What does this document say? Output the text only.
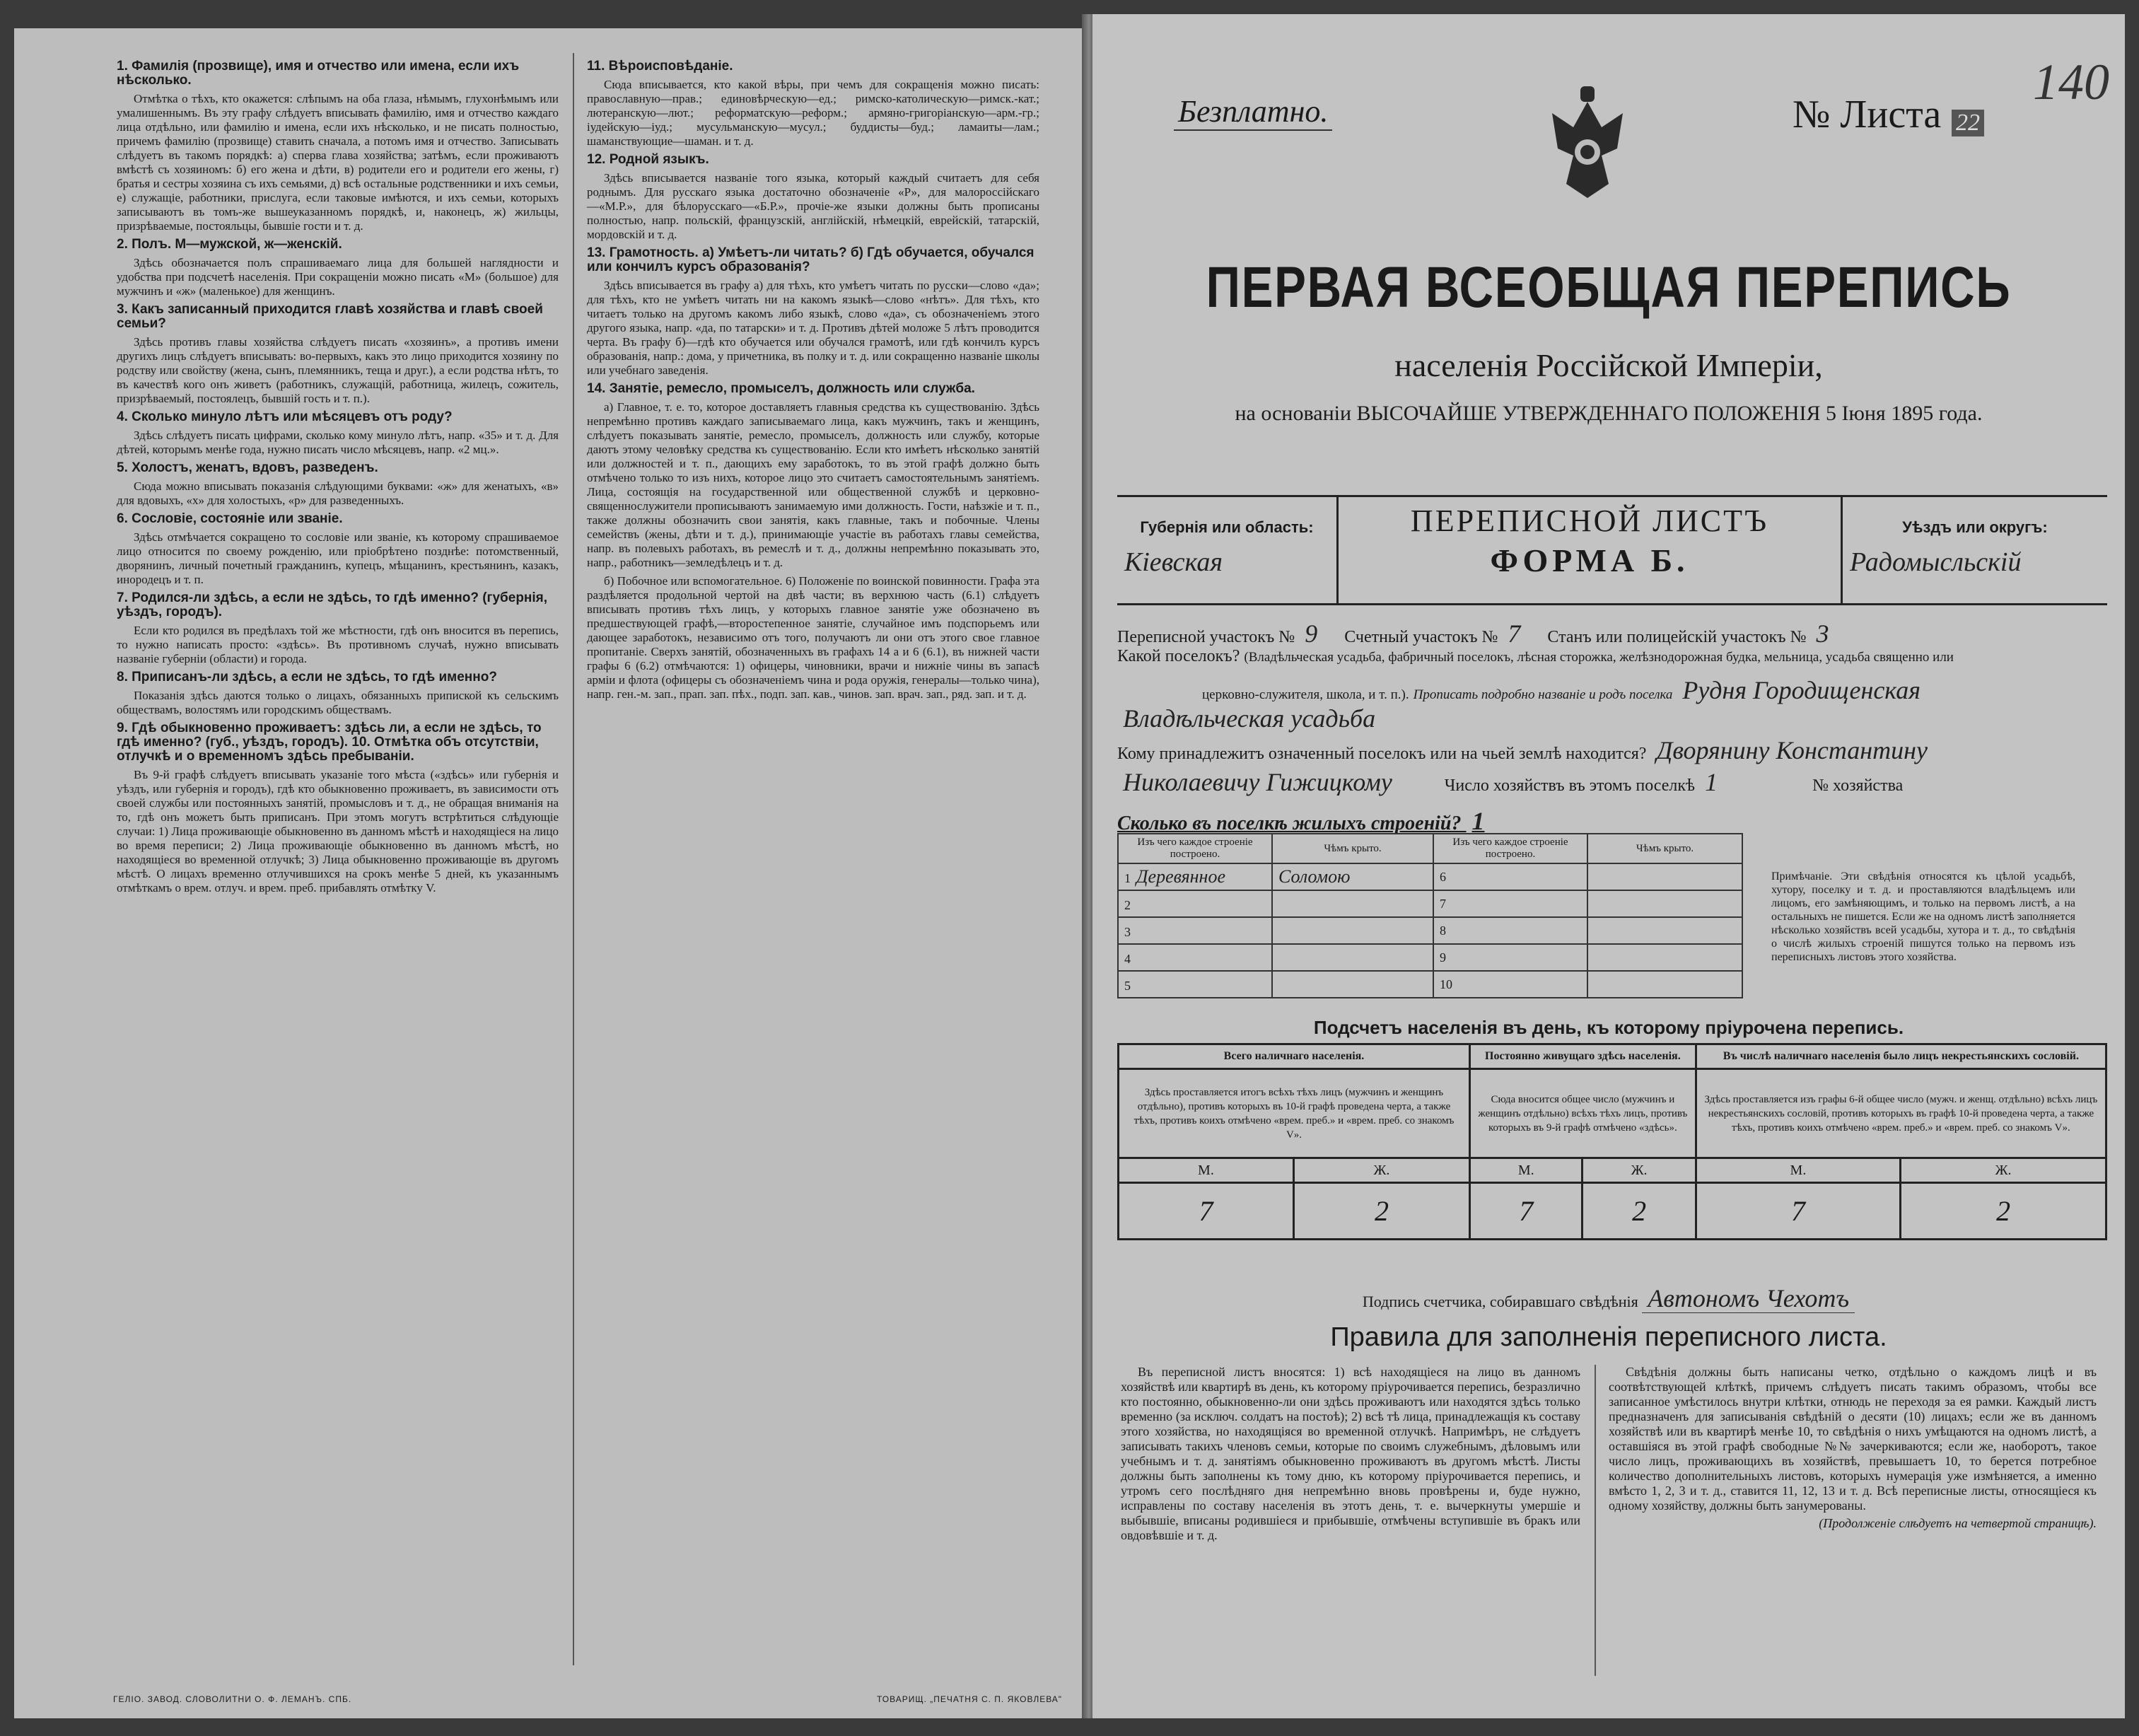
1. Фамилія (прозвище), имя и отчество или имена, если ихъ нѣсколько.

Отмѣтка о тѣхъ, кто окажется: слѣпымъ на оба глаза, нѣмымъ, глухонѣмымъ или умалишеннымъ. Въ эту графу слѣдуетъ вписывать фамилію, имя и отчество каждаго лица отдѣльно, или фамилію и имена, если ихъ нѣсколько, и не писать полностью, причемъ фамилію (прозвище) ставить сначала, а потомъ имя и отчество. Записывать слѣдуетъ въ такомъ порядкѣ: а) сперва глава хозяйства; затѣмъ, если проживаютъ вмѣстѣ съ хозяиномъ: б) его жена и дѣти, в) родители его и родители его жены, г) братья и сестры хозяина съ ихъ семьями, д) всѣ остальные родственники и ихъ семьи, е) служащіе, работники, прислуга, если таковые имѣются, и ихъ семьи, которыхъ записываютъ въ томъ-же вышеуказанномъ порядкѣ, и, наконецъ, ж) жильцы, призрѣваемые, постояльцы, бывшіе гости и т. д.

2. Полъ. М—мужской, ж—женскій.

Здѣсь обозначается полъ спрашиваемаго лица для большей наглядности и удобства при подсчетѣ населенія. При сокращеніи можно писать «М» (большое) для мужчинъ и «ж» (маленькое) для женщинъ.

3. Какъ записанный приходится главѣ хозяйства и главѣ своей семьи?

Здѣсь противъ главы хозяйства слѣдуетъ писать «хозяинъ», а противъ имени другихъ лицъ слѣдуетъ вписывать: во-первыхъ, какъ это лицо приходится хозяину по родству или свойству (жена, сынъ, племянникъ, теща и друг.), а если родства нѣтъ, то въ качествѣ кого онъ живетъ (работникъ, служащій, работница, жилецъ, сожитель, призрѣваемый, постоялецъ, бывшій гость и т. п.).

4. Сколько минуло лѣтъ или мѣсяцевъ отъ роду?

Здѣсь слѣдуетъ писать цифрами, сколько кому минуло лѣтъ, напр. «35» и т. д. Для дѣтей, которымъ менѣе года, нужно писать число мѣсяцевъ, напр. «2 мц.».

5. Холостъ, женатъ, вдовъ, разведенъ.

Сюда можно вписывать показанія слѣдующими буквами: «ж» для женатыхъ, «в» для вдовыхъ, «х» для холостыхъ, «р» для разведенныхъ.

6. Сословіе, состояніе или званіе.

Здѣсь отмѣчается сокращено то сословіе или званіе, къ которому спрашиваемое лицо относится по своему рожденію, или пріобрѣтено позднѣе: потомственный, дворянинъ, личный почетный гражданинъ, купецъ, мѣщанинъ, крестьянинъ, казакъ, инородецъ и т. п.

7. Родился-ли здѣсь, а если не здѣсь, то гдѣ именно? (губернія, уѣздъ, городъ).

Если кто родился въ предѣлахъ той же мѣстности, гдѣ онъ вносится въ перепись, то нужно написать просто: «здѣсь». Въ противномъ случаѣ, нужно вписывать названіе губерніи (области) и города.

8. Приписанъ-ли здѣсь, а если не здѣсь, то гдѣ именно?

Показанія здѣсь даются только о лицахъ, обязанныхъ припиской къ сельскимъ обществамъ, волостямъ или городскимъ обществамъ.

9. Гдѣ обыкновенно проживаетъ: здѣсь ли, а если не здѣсь, то гдѣ именно? (губ., уѣздъ, городъ). 10. Отмѣтка объ отсутствіи, отлучкѣ и о временномъ здѣсь пребываніи.

Въ 9-й графѣ слѣдуетъ вписывать указаніе того мѣста («здѣсь» или губернія и уѣздъ, или губернія и городъ), гдѣ кто обыкновенно проживаетъ, въ зависимости отъ своей службы или постоянныхъ занятій, промысловъ и т. д., не обращая вниманія на то, гдѣ онъ можетъ быть приписанъ. При этомъ могутъ встрѣтиться слѣдующіе случаи: 1) Лица проживающіе обыкновенно въ данномъ мѣстѣ и находящіеся на лицо во время переписи; 2) Лица проживающіе обыкновенно въ данномъ мѣстѣ, но находящіеся во временной отлучкѣ; 3) Лица обыкновенно проживающіе въ другомъ мѣстѣ. О лицахъ временно отлучившихся на срокъ менѣе 5 дней, къ указаннымъ отмѣткамъ о врем. отлуч. и врем. преб. прибавлять отмѣтку V.

11. Вѣроисповѣданіе.

Сюда вписывается, кто какой вѣры, при чемъ для сокращенія можно писать: православную—прав.; единовѣрческую—ед.; римско-католическую—римск.-кат.; лютеранскую—лют.; реформатскую—реформ.; армяно-григоріанскую—арм.-гр.; іудейскую—іуд.; мусульманскую—мусул.; буддисты—буд.; ламаиты—лам.; шаманствующие—шаман. и т. д.

12. Родной языкъ.

Здѣсь вписывается названіе того языка, который каждый считаетъ для себя роднымъ. Для русскаго языка достаточно обозначеніе «Р», для малороссійскаго—«М.Р.», для бѣлорусскаго—«Б.Р.», прочіе-же языки должны быть прописаны полностью, напр. польскій, французскій, англійскій, нѣмецкій, еврейскій, татарскій, мордовскій и т. д.

13. Грамотность. а) Умѣетъ-ли читать? б) Гдѣ обучается, обучался или кончилъ курсъ образованія?

Здѣсь вписывается въ графу а) для тѣхъ, кто умѣетъ читать по русски—слово «да»; для тѣхъ, кто не умѣетъ читать ни на какомъ языкѣ—слово «нѣтъ». Для тѣхъ, кто читаетъ только на другомъ какомъ либо языкѣ, слово «да», съ обозначеніемъ этого другого языка, напр. «да, по татарски» и т. д. Противъ дѣтей моложе 5 лѣтъ проводится черта. Въ графу б)—гдѣ кто обучается или обучался грамотѣ, или гдѣ кончилъ курсъ образованія, напр.: дома, у причетника, въ полку и т. д. или сокращенно названіе школы или учебнаго заведенія.

14. Занятіе, ремесло, промыселъ, должность или служба.

а) Главное, т. е. то, которое доставляетъ главныя средства къ существованію. Здѣсь непремѣнно противъ каждаго записываемаго лица, какъ мужчинъ, такъ и женщинъ, слѣдуетъ показывать занятіе, ремесло, промыселъ, должность или службу, которые даютъ этому человѣку средства къ существованію. Если кто имѣетъ нѣсколько занятій или должностей и т. п., дающихъ ему заработокъ, то въ этой графѣ должно быть отмѣчено только то изъ нихъ, которое лицо это считаетъ самостоятельнымъ занятіемъ. Лица, состоящія на государственной или общественной службѣ и церковно-священнослужители прописываютъ занимаемую ими должность. Гости, наѣзжіе и т. п., также должны обозначить свои занятія, какъ главные, такъ и побочные. Члены семействъ (жены, дѣти и т. д.), принимающіе участіе въ работахъ главы семейства, напр. въ полевыхъ работахъ, въ ремеслѣ и т. д., должны непремѣнно показывать это, напр., работникъ—земледѣлецъ и т. д.

б) Побочное или вспомогательное. 6) Положеніе по воинской повинности. Графа эта раздѣляется продольной чертой на двѣ части; въ верхнюю часть (6.1) слѣдуетъ вписывать противъ тѣхъ лицъ, у которыхъ главное занятіе уже обозначено въ предшествующей графѣ,—второстепенное занятіе, случайное имъ подспорьемъ или дающее заработокъ, независимо отъ того, получаютъ ли они отъ этого свое главное пропитаніе. Сверхъ занятій, обозначенныхъ въ графахъ 14 а и 6 (6.1), въ нижней части графы 6 (6.2) отмѣчаются: 1) офицеры, чиновники, врачи и нижніе чины въ запасѣ арміи и флота (офицеры съ обозначеніемъ чина и рода оружія, генералы—только чина), напр. ген.-м. зап., прап. зап. пѣх., подп. зап. кав., чинов. зап. врач. зап., ряд. зап. и т. д.

ГЕЛІО. ЗАВОД. СЛОВОЛИТНИ О. Ф. ЛЕМАНЪ. СПБ.	ТОВАРИЩ. „ПЕЧАТНЯ С. П. ЯКОВЛЕВА"
Безплатно.	№ Листа 22
140
ПЕРВАЯ ВСЕОБЩАЯ ПЕРЕПИСЬ
населенія Россійской Имперіи,
на основаніи ВЫСОЧАЙШЕ УТВЕРЖДЕННАГО ПОЛОЖЕНІЯ 5 Іюня 1895 года.
Губернія или область:
Кіевская
ПЕРЕПИСНОЙ ЛИСТЪ
ФОРМА Б.
Уѣздъ или округъ:
Радомысльскій
Переписной участокъ № 9 Счетный участокъ № 7 Станъ или полицейскій участокъ № 3
Какой поселокъ? (Владѣльческая усадьба, фабричный поселокъ, лѣсная сторожка, желѣзнодорожная будка, мельница, усадьба священно или
церковно-служителя, школа, и т. п.). Прописать подробно названіе и родъ поселка Рудня Городищенская
Владѣльческая усадьба
Кому принадлежитъ означенный поселокъ или на чьей землѣ находится? Дворянину Константину
Николаевичу Гижицкому	Число хозяйствъ въ этомъ поселкѣ 1	№ хозяйства
Сколько въ поселкѣ жилыхъ строеній? 1
Изъ чего каждое строеніе построено.	Чѣмъ крыто.	Изъ чего каждое строеніе построено.	Чѣмъ крыто.
1 Деревянное	Соломою	6	
2		7	
3		8	
4		9	
5		10	
Примѣчаніе. Эти свѣдѣнія относятся къ цѣлой усадьбѣ, хутору, поселку и т. д. и проставляются владѣльцемъ или лицомъ, его замѣняющимъ, и только на первомъ листѣ, а на остальныхъ не пишется. Если же на одномъ листѣ заполняется нѣсколько хозяйствъ всей усадьбы, хутора и т. д., то свѣдѣнія о числѣ жилыхъ строеній пишутся только на первомъ изъ переписныхъ листовъ этого хозяйства.
Подсчетъ населенія въ день, къ которому пріурочена перепись.
Всего наличнаго населенія.		Постоянно живущаго здѣсь населенія.		Въ числѣ наличнаго населенія было лицъ некрестьянскихъ сословій.	
Здѣсь проставляется итогъ всѣхъ тѣхъ лицъ (мужчинъ и женщинъ отдѣльно), противъ которыхъ въ 10-й графѣ проведена черта, а также тѣхъ, противъ коихъ отмѣчено «врем. преб.» и «врем. преб. со знакомъ V».		Сюда вносится общее число (мужчинъ и женщинъ отдѣльно) всѣхъ тѣхъ лицъ, противъ которыхъ въ 9-й графѣ отмѣчено «здѣсь».		Здѣсь проставляется изъ графы 6-й общее число (мужч. и женщ. отдѣльно) всѣхъ лицъ некрестьянскихъ сословій, противъ которыхъ въ графѣ 10-й проведена черта, а также тѣхъ, противъ коихъ отмѣчено «врем. преб.» и «врем. преб. со знакомъ V».	
М.	Ж.	М.	Ж.	М.	Ж.
7	2	7	2	7	2
Подпись счетчика, собиравшаго свѣдѣнія Автономъ Чехотъ
Правила для заполненія переписного листа.

Въ переписной листъ вносятся: 1) всѣ находящіеся на лицо въ данномъ хозяйствѣ или квартирѣ въ день, къ которому пріурочивается перепись, безразлично кто постоянно, обыкновенно-ли они здѣсь проживаютъ или находятся здѣсь только временно (за исключ. солдатъ на постоѣ); 2) всѣ тѣ лица, принадлежащія къ составу этого хозяйства, но находящіяся во временной отлучкѣ. Напримѣръ, не слѣдуетъ записывать такихъ членовъ семьи, которые по своимъ служебнымъ, дѣловымъ или учебнымъ и т. д. занятіямъ обыкновенно проживаютъ въ другомъ мѣстѣ. Листы должны быть заполнены къ тому дню, къ которому пріурочивается перепись, и утромъ сего послѣдняго дня непремѣнно вновь провѣрены и, буде нужно, исправлены по составу населенія въ этотъ день, т. е. вычеркнуты умершіе и выбывшіе, вписаны родившіеся и прибывшіе, отмѣчены вступившіе въ бракъ или овдовѣвшіе и т. д.

Свѣдѣнія должны быть написаны четко, отдѣльно о каждомъ лицѣ и въ соотвѣтствующей клѣткѣ, причемъ слѣдуетъ писать такимъ образомъ, чтобы все записанное умѣстилось внутри клѣтки, отнюдь не переходя за ея рамки. Каждый листъ предназначенъ для записыванія свѣдѣній о десяти (10) лицахъ; если же въ данномъ хозяйствѣ или въ квартирѣ менѣе 10, то свѣдѣнія о нихъ умѣщаются на одномъ листѣ, а оставшіяся въ этой графѣ свободные №№ зачеркиваются; если же, наоборотъ, такое число лицъ, проживающихъ въ хозяйствѣ, превышаетъ 10, то берется потребное количество дополнительныхъ листовъ, которыхъ нумерація уже измѣняется, а именно вмѣсто 1, 2, 3 и т. д., ставится 11, 12, 13 и т. д. Всѣ переписные листы, относящіеся къ одному хозяйству, должны быть занумерованы.

(Продолженіе слѣдуетъ на четвертой страницѣ).
